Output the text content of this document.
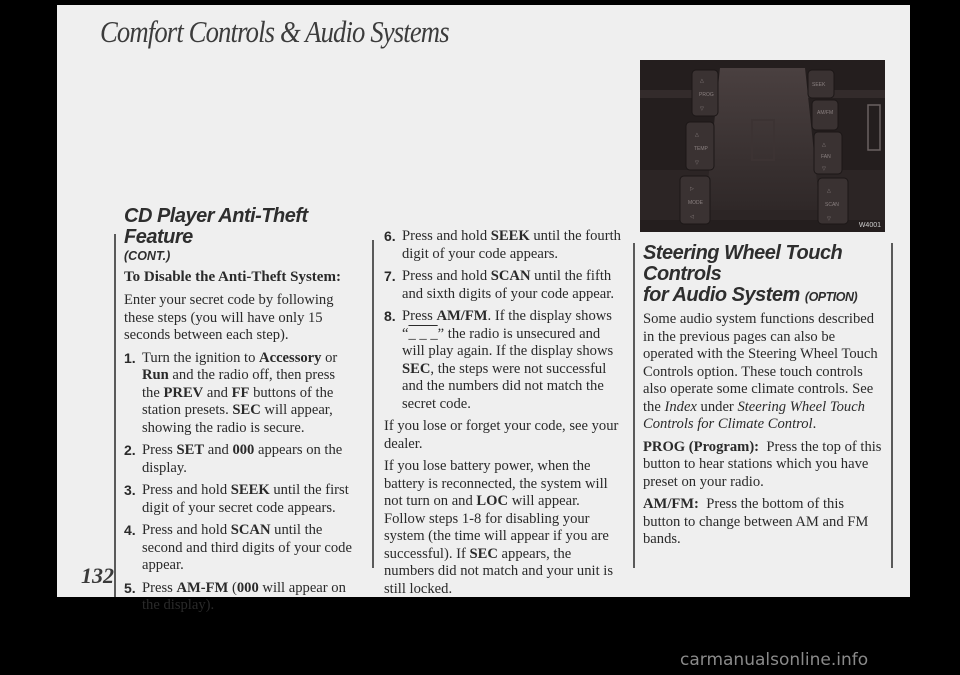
Comfort Controls & Audio Systems
132
CD Player Anti-Theft Feature
(CONT.)
To Disable the Anti-Theft System:

Enter your secret code by following these steps (you will have only 15 seconds between each step).

1. Turn the ignition to Accessory or Run and the radio off, then press the PREV and FF buttons of the station presets. SEC will appear, showing the radio is secure.
2. Press SET and 000 appears on the display.
3. Press and hold SEEK until the first digit of your secret code appears.
4. Press and hold SCAN until the second and third digits of your code appear.
5. Press AM-FM (000 will appear on the display).
6. Press and hold SEEK until the fourth digit of your code appears.
7. Press and hold SCAN until the fifth and sixth digits of your code appear.
8. Press AM/FM. If the display shows “_ _ _” the radio is unsecured and will play again. If the display shows SEC, the steps were not successful and the numbers did not match the secret code.

If you lose or forget your code, see your dealer.

If you lose battery power, when the battery is reconnected, the system will not turn on and LOC will appear. Follow steps 1-8 for disabling your system (the time will appear if you are successful). If SEC appears, the numbers did not match and your unit is still locked.

△
PROG
▽
△
TEMP
▽
▷
MODE
◁
SEEK
AM/FM
△
FAN
▽
△
SCAN
▽
W4001
Steering Wheel Touch Controls
for Audio System (OPTION)

Some audio system functions described in the previous pages can also be operated with the Steering Wheel Touch Controls option. These touch controls also operate some climate controls. See the Index under Steering Wheel Touch Controls for Climate Control.

PROG (Program): Press the top of this button to hear stations which you have preset on your radio.

AM/FM: Press the bottom of this button to change between AM and FM bands.

carmanualsonline.info
